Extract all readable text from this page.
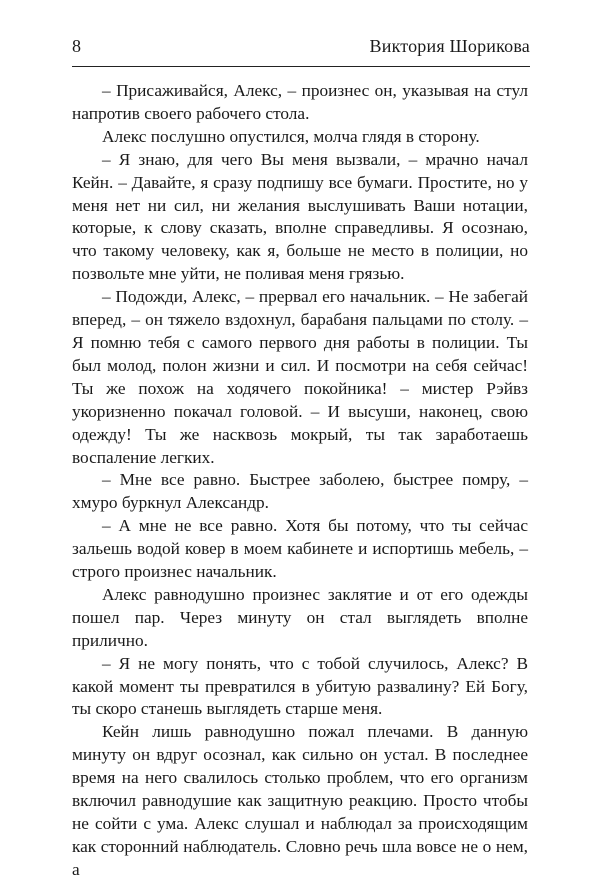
8	Виктория Шорикова

– Присаживайся, Алекс, – произнес он, указывая на стул напротив своего рабочего стола.

Алекс послушно опустился, молча глядя в сторону.

– Я знаю, для чего Вы меня вызвали, – мрачно начал Кейн. – Давайте, я сразу подпишу все бумаги. Простите, но у меня нет ни сил, ни желания выслушивать Ваши нотации, которые, к слову сказать, вполне справедливы. Я осознаю, что такому человеку, как я, больше не место в полиции, но позвольте мне уйти, не поливая меня грязью.

– Подожди, Алекс, – прервал его начальник. – Не забегай вперед, – он тяжело вздохнул, барабаня пальцами по столу. – Я помню тебя с самого первого дня работы в полиции. Ты был молод, полон жизни и сил. И посмотри на себя сейчас! Ты же похож на ходячего покойника! – мистер Рэйвз укоризненно покачал головой. – И высуши, наконец, свою одежду! Ты же насквозь мокрый, ты так заработаешь воспаление легких.

– Мне все равно. Быстрее заболею, быстрее помру, – хмуро буркнул Александр.

– А мне не все равно. Хотя бы потому, что ты сейчас зальешь водой ковер в моем кабинете и испортишь мебель, – строго произнес начальник.

Алекс равнодушно произнес заклятие и от его одежды пошел пар. Через минуту он стал выглядеть вполне прилично.

– Я не могу понять, что с тобой случилось, Алекс? В какой момент ты превратился в убитую развалину? Ей Богу, ты скоро станешь выглядеть старше меня.

Кейн лишь равнодушно пожал плечами. В данную минуту он вдруг осознал, как сильно он устал. В последнее время на него свалилось столько проблем, что его организм включил равнодушие как защитную реакцию. Просто чтобы не сойти с ума. Алекс слушал и наблюдал за происходящим как сторонний наблюдатель. Словно речь шла вовсе не о нем, а
